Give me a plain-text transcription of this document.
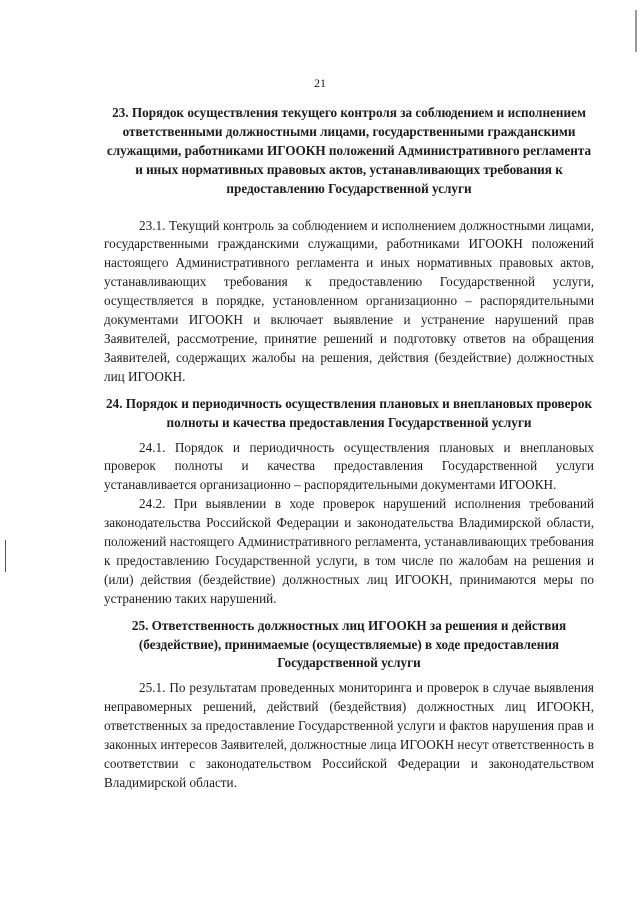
21

23. Порядок осуществления текущего контроля за соблюдением и исполнением ответственными должностными лицами, государственными гражданскими служащими, работниками ИГООКН положений Административного регламента и иных нормативных правовых актов, устанавливающих требования к предоставлению Государственной услуги

23.1. Текущий контроль за соблюдением и исполнением должностными лицами, государственными гражданскими служащими, работниками ИГООКН положений настоящего Административного регламента и иных нормативных правовых актов, устанавливающих требования к предоставлению Государственной услуги, осуществляется в порядке, установленном организационно – распорядительными документами ИГООКН и включает выявление и устранение нарушений прав Заявителей, рассмотрение, принятие решений и подготовку ответов на обращения Заявителей, содержащих жалобы на решения, действия (бездействие) должностных лиц ИГООКН.

24. Порядок и периодичность осуществления плановых и внеплановых проверок полноты и качества предоставления Государственной услуги

24.1. Порядок и периодичность осуществления плановых и внеплановых проверок полноты и качества предоставления Государственной услуги устанавливается организационно – распорядительными документами ИГООКН.

24.2. При выявлении в ходе проверок нарушений исполнения требований законодательства Российской Федерации и законодательства Владимирской области, положений настоящего Административного регламента, устанавливающих требования к предоставлению Государственной услуги, в том числе по жалобам на решения и (или) действия (бездействие) должностных лиц ИГООКН, принимаются меры по устранению таких нарушений.

25. Ответственность должностных лиц ИГООКН за решения и действия (бездействие), принимаемые (осуществляемые) в ходе предоставления Государственной услуги

25.1. По результатам проведенных мониторинга и проверок в случае выявления неправомерных решений, действий (бездействия) должностных лиц ИГООКН, ответственных за предоставление Государственной услуги и фактов нарушения прав и законных интересов Заявителей, должностные лица ИГООКН несут ответственность в соответствии с законодательством Российской Федерации и законодательством Владимирской области.
